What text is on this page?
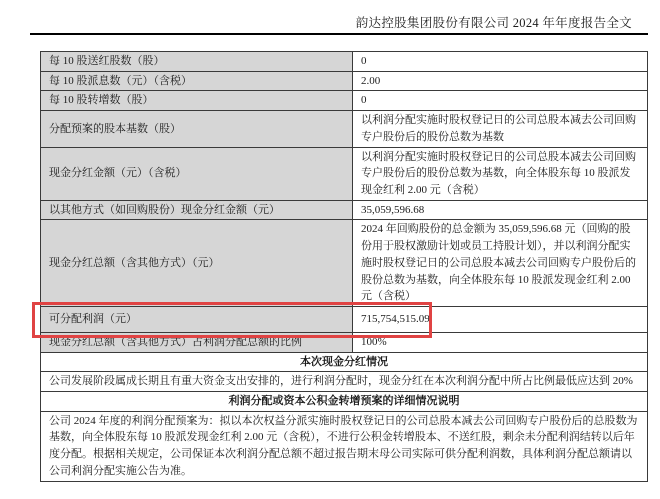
韵达控股集团股份有限公司 2024 年年度报告全文
每 10 股送红股数（股）	0
每 10 股派息数（元）（含税）	2.00
每 10 股转增数（股）	0
分配预案的股本基数（股）	以利润分配实施时股权登记日的公司总股本减去公司回购专户股份后的股份总数为基数
现金分红金额（元）（含税）	以利润分配实施时股权登记日的公司总股本减去公司回购专户股份后的股份总数为基数，向全体股东每 10 股派发现金红利 2.00 元（含税）
以其他方式（如回购股份）现金分红金额（元）	35,059,596.68
现金分红总额（含其他方式）（元）	2024 年回购股份的总金额为 35,059,596.68 元（回购的股份用于股权激励计划或员工持股计划），并以利润分配实施时股权登记日的公司总股本减去公司回购专户股份后的股份总数为基数，向全体股东每 10 股派发现金红利 2.00 元（含税）
可分配利润（元）	715,754,515.09
现金分红总额（含其他方式）占利润分配总额的比例	100%
本次现金分红情况	
公司发展阶段属成长期且有重大资金支出安排的，进行利润分配时，现金分红在本次利润分配中所占比例最低应达到 20%	
利润分配或资本公积金转增预案的详细情况说明	
公司 2024 年度的利润分配预案为：拟以本次权益分派实施时股权登记日的公司总股本减去公司回购专户股份后的总股数为基数，向全体股东每 10 股派发现金红利 2.00 元（含税），不进行公积金转增股本、不送红股，剩余未分配利润结转以后年度分配。根据相关规定，公司保证本次利润分配总额不超过报告期末母公司实际可供分配利润数，具体利润分配总额请以公司利润分配实施公告为准。	
